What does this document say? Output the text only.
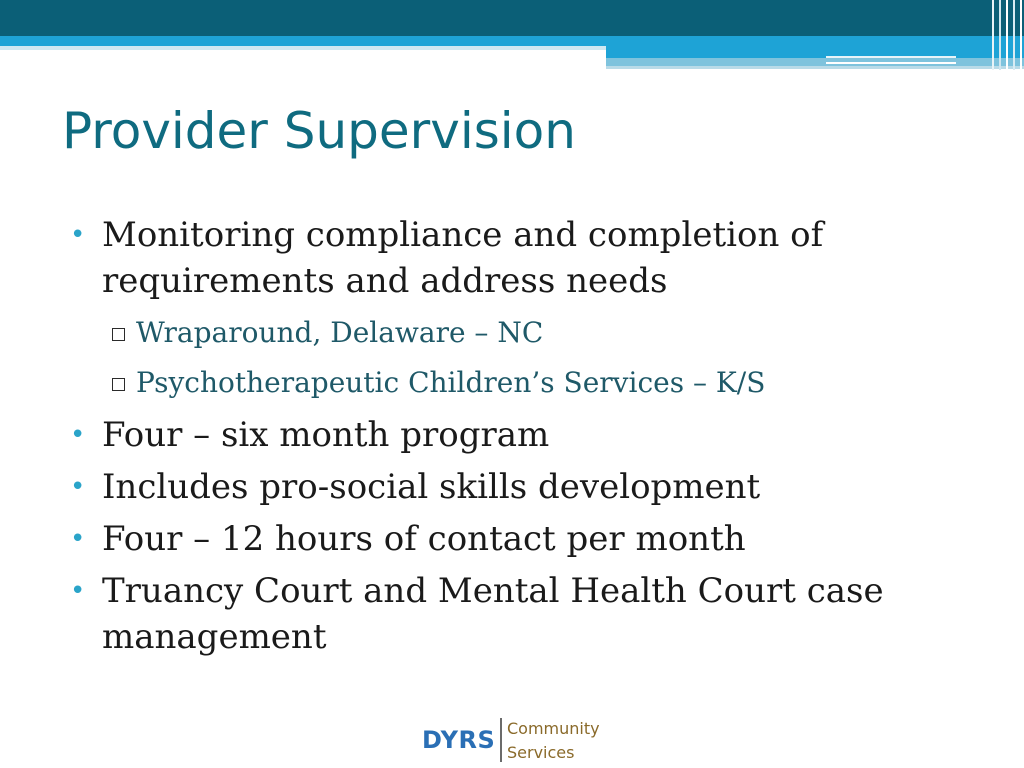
Provider Supervision
• Monitoring compliance and completion of requirements and address needs
Wraparound, Delaware – NC
Psychotherapeutic Children’s Services – K/S
• Four – six month program
• Includes pro-social skills development
• Four – 12 hours of contact per month
• Truancy Court and Mental Health Court case management
DYRS Community
Services
